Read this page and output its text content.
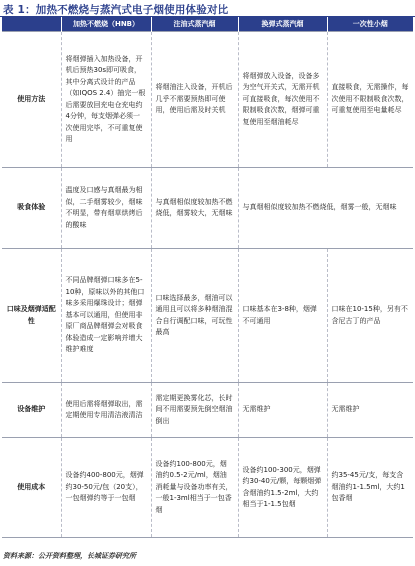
表 1：加热不燃烧与蒸汽式电子烟使用体验对比
	加热不燃烧（HNB）	注油式蒸汽烟	换弹式蒸汽烟	一次性小烟
使用方法	将烟弹插入加热设备，开机后预热30s即可吸食，其中分离式设计的产品（如IQOS 2.4）抽完一根后需要放回充电仓充电约4分钟，每支烟弹必须一次使用完毕，不可重复使用	将烟油注入设备，开机后几乎不需要预热即可使用，使用后需及时关机	将烟弹放入设备，设备多为空气开关式，无需开机可直接吸食，每次使用不限制吸食次数，烟弹可重复使用至烟油耗尽	直接吸食，无需操作，每次使用不限制吸食次数，可重复使用至电量耗尽
吸食体验	温度及口感与真烟最为相似，二手烟雾较少，烟味不明显，带有烟草烘烤后的酸味	与真烟相似度较加热不燃烧低，烟雾较大，无烟味	与真烟相似度较加热不燃烧低，烟雾一般，无烟味	
口味及烟弹适配性	不同品牌烟弹口味多在5-10种，原味以外的其他口味多采用爆珠设计；烟弹基本可以通用，但使用非原厂商品牌烟弹会对吸食体验造成一定影响并增大维护难度	口味选择最多，烟油可以通用且可以将多种烟油混合自行调配口味，可玩性最高	口味基本在3-8种，烟弹不可通用	口味在10-15种，另有不含尼古丁的产品
设备维护	使用后需将烟弹取出，需定期使用专用清洁液清洁	需定期更换雾化芯，长时间不用需要预先倒空烟油倒出	无需维护	无需维护
使用成本	设备约400-800元，烟弹约30-50元/包（20支），一包烟弹约等于一包烟	设备约100-800元，烟油约0.5-2元/ml，烟油消耗量与设备功率有关，一般1-3ml相当于一包香烟	设备约100-300元，烟弹约30-40元/颗，每颗烟弹含烟油约1.5-2ml，大约相当于1-1.5包烟	约35-45元/支，每支含烟油约1-1.5ml，大约1包香烟
资料来源：公开资料整理，长城证券研究所
